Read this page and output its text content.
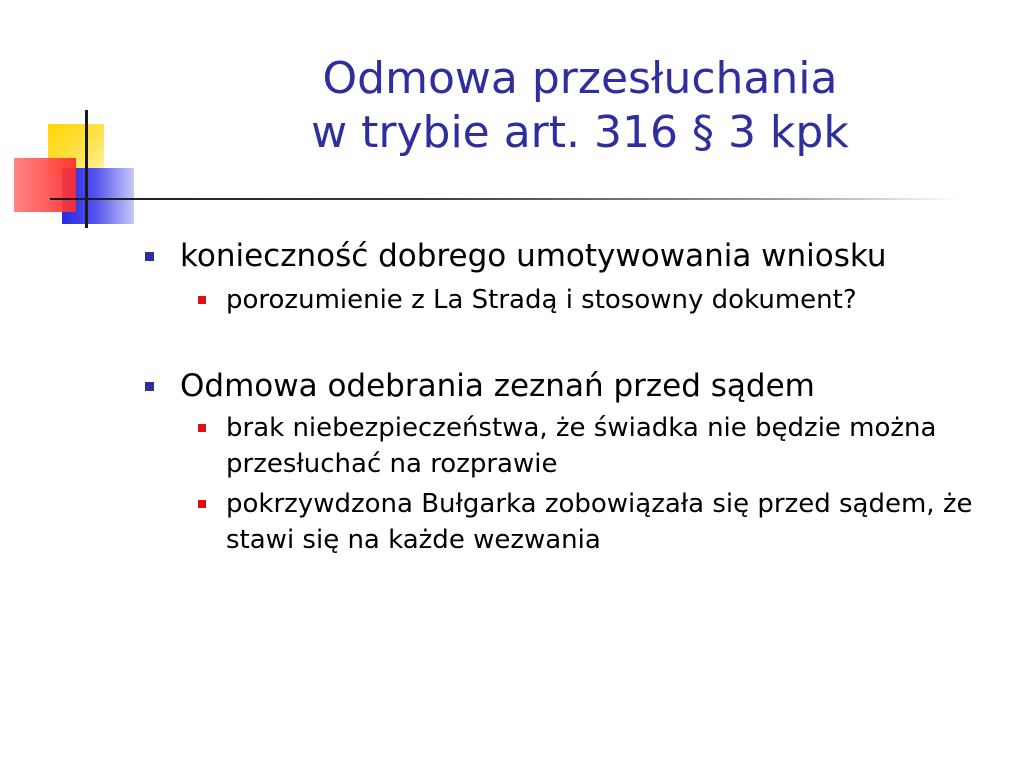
Odmowa przesłuchania
w trybie art. 316 § 3 kpk
konieczność dobrego umotywowania wniosku
porozumienie z La Stradą i stosowny dokument?
Odmowa odebrania zeznań przed sądem
brak niebezpieczeństwa, że świadka nie będzie można przesłuchać na rozprawie
pokrzywdzona Bułgarka zobowiązała się przed sądem, że stawi się na każde wezwania
